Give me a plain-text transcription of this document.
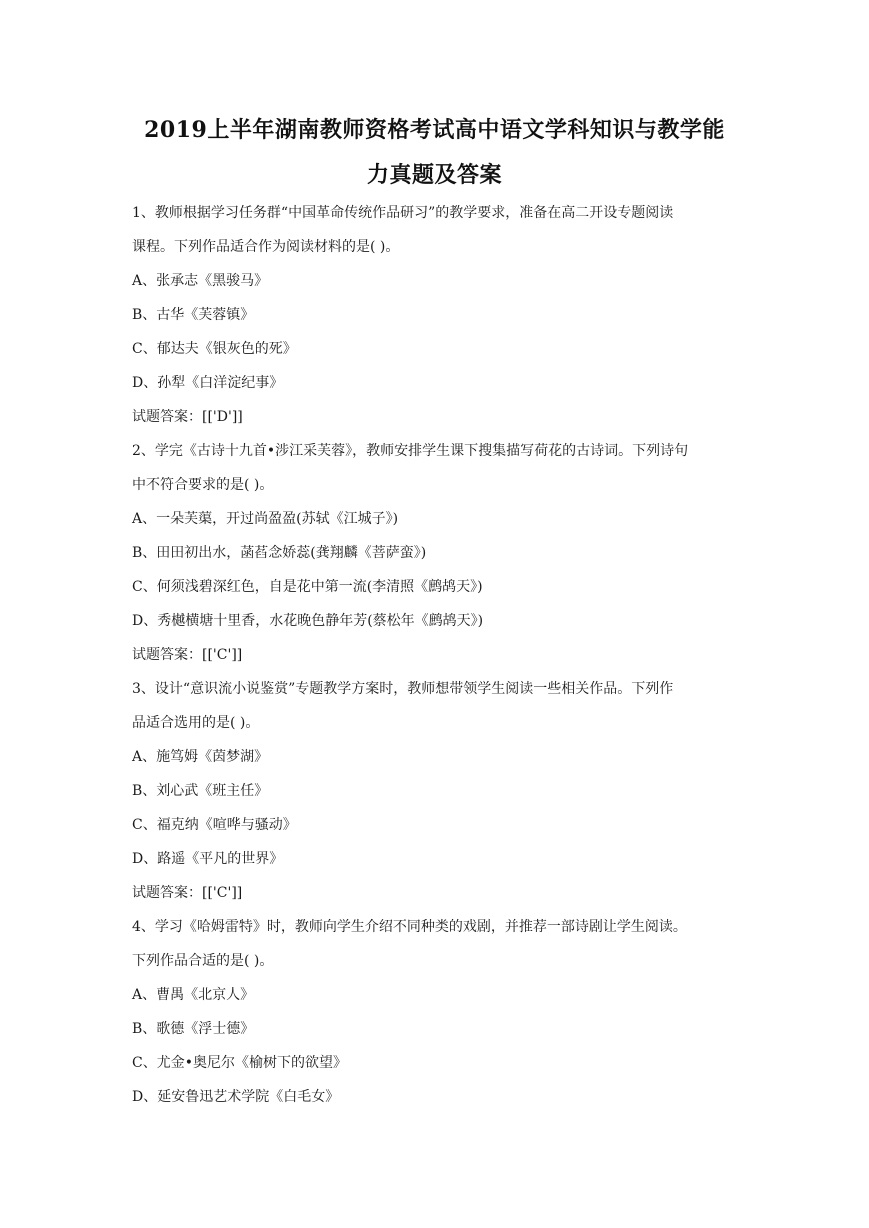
2019上半年湖南教师资格考试高中语文学科知识与教学能
力真题及答案
1、教师根据学习任务群“中国革命传统作品研习”的教学要求，准备在高二开设专题阅读
课程。下列作品适合作为阅读材料的是( )。
A、张承志《黑骏马》
B、古华《芙蓉镇》
C、郁达夫《银灰色的死》
D、孙犁《白洋淀纪事》
试题答案：[['D']]
2、学完《古诗十九首•涉江采芙蓉》，教师安排学生课下搜集描写荷花的古诗词。下列诗句
中不符合要求的是( )。
A、一朵芙蕖，开过尚盈盈(苏轼《江城子》)
B、田田初出水，菡萏念娇蕊(龚翔麟《菩萨蛮》)
C、何须浅碧深红色，自是花中第一流(李清照《鹧鸪天》)
D、秀樾横塘十里香，水花晚色静年芳(蔡松年《鹧鸪天》)
试题答案：[['C']]
3、设计“意识流小说鉴赏”专题教学方案时，教师想带领学生阅读一些相关作品。下列作
品适合选用的是( )。
A、施笃姆《茵梦湖》
B、刘心武《班主任》
C、福克纳《喧哗与骚动》
D、路遥《平凡的世界》
试题答案：[['C']]
4、学习《哈姆雷特》时，教师向学生介绍不同种类的戏剧，并推荐一部诗剧让学生阅读。
下列作品合适的是( )。
A、曹禺《北京人》
B、歌德《浮士德》
C、尤金•奥尼尔《榆树下的欲望》
D、延安鲁迅艺术学院《白毛女》
